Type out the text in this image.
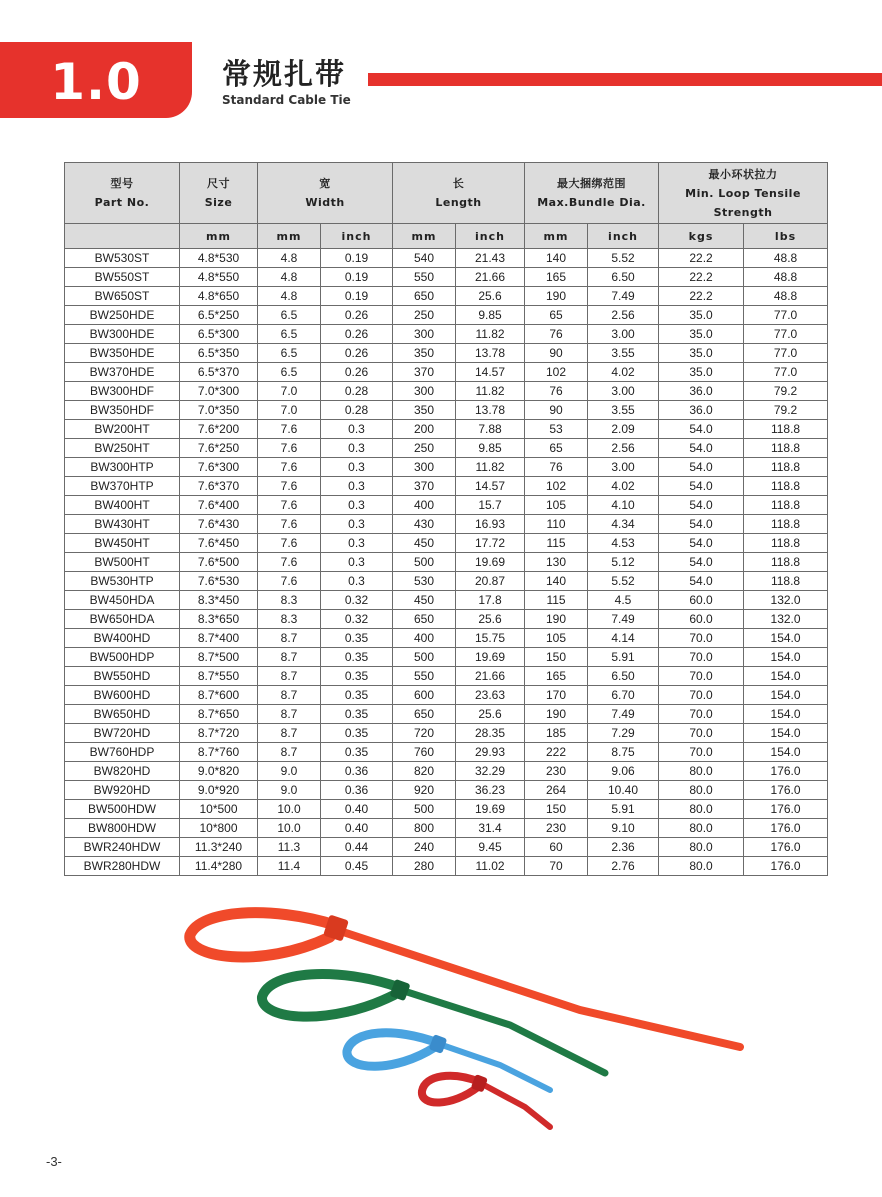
1.0	常规扎带
Standard Cable Tie
型号
Part No.	尺寸
Size	宽
Width		长
Length		最大捆绑范围
Max.Bundle Dia.		最小环状拉力
Min. Loop Tensile
Strength	
	mm	mm	inch	mm	inch	mm	inch	kgs	lbs
BW530ST	4.8*530	4.8	0.19	540	21.43	140	5.52	22.2	48.8
BW550ST	4.8*550	4.8	0.19	550	21.66	165	6.50	22.2	48.8
BW650ST	4.8*650	4.8	0.19	650	25.6	190	7.49	22.2	48.8
BW250HDE	6.5*250	6.5	0.26	250	9.85	65	2.56	35.0	77.0
BW300HDE	6.5*300	6.5	0.26	300	11.82	76	3.00	35.0	77.0
BW350HDE	6.5*350	6.5	0.26	350	13.78	90	3.55	35.0	77.0
BW370HDE	6.5*370	6.5	0.26	370	14.57	102	4.02	35.0	77.0
BW300HDF	7.0*300	7.0	0.28	300	11.82	76	3.00	36.0	79.2
BW350HDF	7.0*350	7.0	0.28	350	13.78	90	3.55	36.0	79.2
BW200HT	7.6*200	7.6	0.3	200	7.88	53	2.09	54.0	118.8
BW250HT	7.6*250	7.6	0.3	250	9.85	65	2.56	54.0	118.8
BW300HTP	7.6*300	7.6	0.3	300	11.82	76	3.00	54.0	118.8
BW370HTP	7.6*370	7.6	0.3	370	14.57	102	4.02	54.0	118.8
BW400HT	7.6*400	7.6	0.3	400	15.7	105	4.10	54.0	118.8
BW430HT	7.6*430	7.6	0.3	430	16.93	110	4.34	54.0	118.8
BW450HT	7.6*450	7.6	0.3	450	17.72	115	4.53	54.0	118.8
BW500HT	7.6*500	7.6	0.3	500	19.69	130	5.12	54.0	118.8
BW530HTP	7.6*530	7.6	0.3	530	20.87	140	5.52	54.0	118.8
BW450HDA	8.3*450	8.3	0.32	450	17.8	115	4.5	60.0	132.0
BW650HDA	8.3*650	8.3	0.32	650	25.6	190	7.49	60.0	132.0
BW400HD	8.7*400	8.7	0.35	400	15.75	105	4.14	70.0	154.0
BW500HDP	8.7*500	8.7	0.35	500	19.69	150	5.91	70.0	154.0
BW550HD	8.7*550	8.7	0.35	550	21.66	165	6.50	70.0	154.0
BW600HD	8.7*600	8.7	0.35	600	23.63	170	6.70	70.0	154.0
BW650HD	8.7*650	8.7	0.35	650	25.6	190	7.49	70.0	154.0
BW720HD	8.7*720	8.7	0.35	720	28.35	185	7.29	70.0	154.0
BW760HDP	8.7*760	8.7	0.35	760	29.93	222	8.75	70.0	154.0
BW820HD	9.0*820	9.0	0.36	820	32.29	230	9.06	80.0	176.0
BW920HD	9.0*920	9.0	0.36	920	36.23	264	10.40	80.0	176.0
BW500HDW	10*500	10.0	0.40	500	19.69	150	5.91	80.0	176.0
BW800HDW	10*800	10.0	0.40	800	31.4	230	9.10	80.0	176.0
BWR240HDW	11.3*240	11.3	0.44	240	9.45	60	2.36	80.0	176.0
BWR280HDW	11.4*280	11.4	0.45	280	11.02	70	2.76	80.0	176.0
-3-
